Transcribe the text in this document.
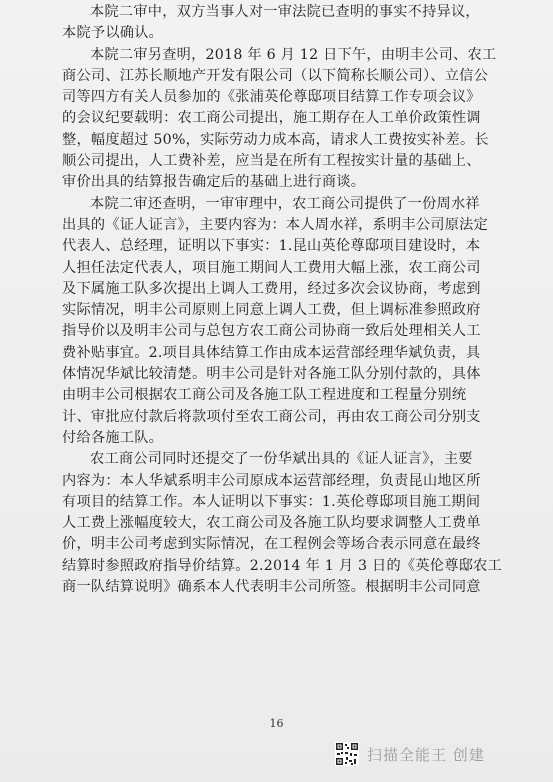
本院二审中，双方当事人对一审法院已查明的事实不持异议，
本院予以确认。
本院二审另查明，2018 年 6 月 12 日下午，由明丰公司、农工
商公司、江苏长顺地产开发有限公司（以下简称长顺公司）、立信公
司等四方有关人员参加的《张浦英伦尊邸项目结算工作专项会议》
的会议纪要载明：农工商公司提出，施工期存在人工单价政策性调
整，幅度超过 50%，实际劳动力成本高，请求人工费按实补差。长
顺公司提出，人工费补差，应当是在所有工程按实计量的基础上、
审价出具的结算报告确定后的基础上进行商谈。
本院二审还查明，一审审理中，农工商公司提供了一份周水祥
出具的《证人证言》，主要内容为：本人周水祥，系明丰公司原法定
代表人、总经理，证明以下事实：1.昆山英伦尊邸项目建设时，本
人担任法定代表人，项目施工期间人工费用大幅上涨，农工商公司
及下属施工队多次提出上调人工费用，经过多次会议协商，考虑到
实际情况，明丰公司原则上同意上调人工费，但上调标准参照政府
指导价以及明丰公司与总包方农工商公司协商一致后处理相关人工
费补贴事宜。2.项目具体结算工作由成本运营部经理华斌负责，具
体情况华斌比较清楚。明丰公司是针对各施工队分别付款的，具体
由明丰公司根据农工商公司及各施工队工程进度和工程量分别统
计、审批应付款后将款项付至农工商公司，再由农工商公司分别支
付给各施工队。
农工商公司同时还提交了一份华斌出具的《证人证言》，主要
内容为：本人华斌系明丰公司原成本运营部经理，负责昆山地区所
有项目的结算工作。本人证明以下事实：1.英伦尊邸项目施工期间
人工费上涨幅度较大，农工商公司及各施工队均要求调整人工费单
价，明丰公司考虑到实际情况，在工程例会等场合表示同意在最终
结算时参照政府指导价结算。2.2014 年 1 月 3 日的《英伦尊邸农工
商一队结算说明》确系本人代表明丰公司所签。根据明丰公司同意
16
扫描全能王 创建
